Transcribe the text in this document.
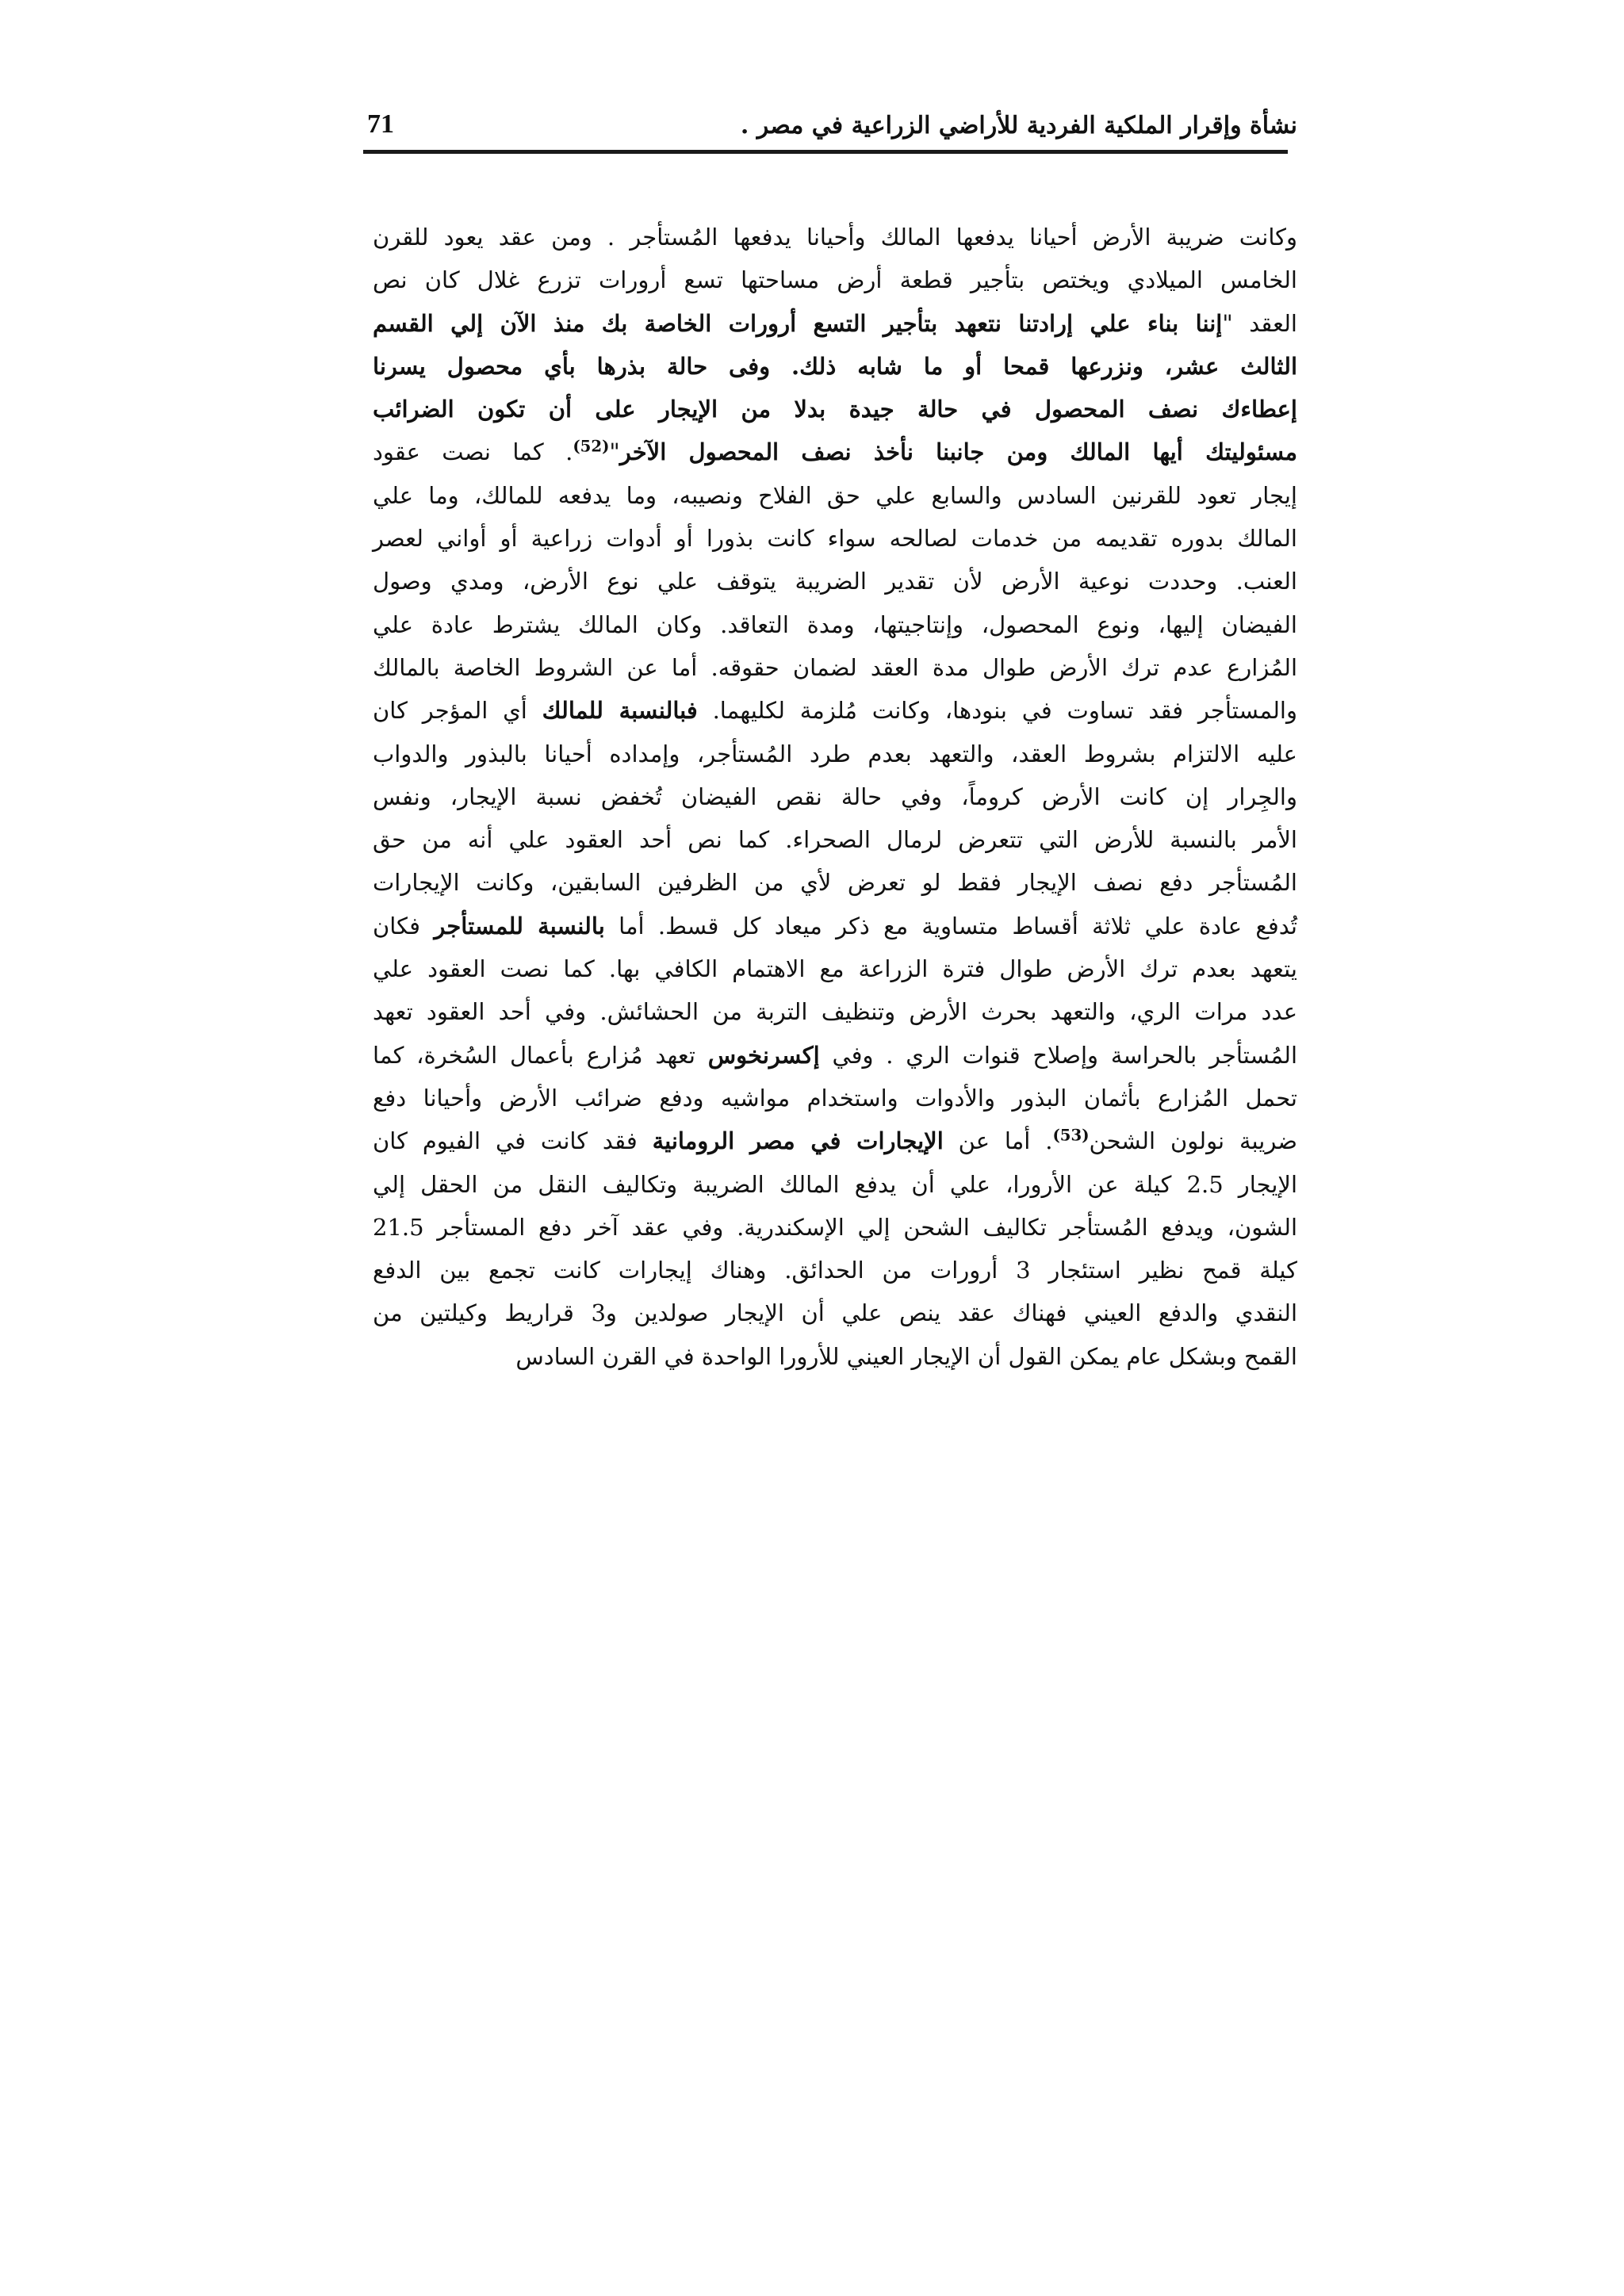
نشأة وإقرار الملكية الفردية للأراضي الزراعية في مصر .
71
وكانت ضريبة الأرض أحيانا يدفعها المالك وأحيانا يدفعها المُستأجر . ومن عقد يعود للقرن
الخامس الميلادي ويختص بتأجير قطعة أرض مساحتها تسع أرورات تزرع غلال كان نص
العقد "إننا بناء علي إرادتنا نتعهد بتأجير التسع أرورات الخاصة بك منذ الآن إلي القسم
الثالث عشر، ونزرعها قمحا أو ما شابه ذلك. وفى حالة بذرها بأي محصول يسرنا
إعطاءك نصف المحصول في حالة جيدة بدلا من الإيجار على أن تكون الضرائب
مسئوليتك أيها المالك ومن جانبنا نأخذ نصف المحصول الآخر"$^{(52)}$. كما نصت عقود
إيجار تعود للقرنين السادس والسابع علي حق الفلاح ونصيبه، وما يدفعه للمالك، وما علي
المالك بدوره تقديمه من خدمات لصالحه سواء كانت بذورا أو أدوات زراعية أو أواني لعصر
العنب. وحددت نوعية الأرض لأن تقدير الضريبة يتوقف علي نوع الأرض، ومدي وصول
الفيضان إليها، ونوع المحصول، وإنتاجيتها، ومدة التعاقد. وكان المالك يشترط عادة علي
المُزارع عدم ترك الأرض طوال مدة العقد لضمان حقوقه. أما عن الشروط الخاصة بالمالك
والمستأجر فقد تساوت في بنودها، وكانت مُلزمة لكليهما. فبالنسبة للمالك أي المؤجر كان
عليه الالتزام بشروط العقد، والتعهد بعدم طرد المُستأجر، وإمداده أحيانا بالبذور والدواب
والجِرار إن كانت الأرض كروماً، وفي حالة نقص الفيضان تُخفض نسبة الإيجار، ونفس
الأمر بالنسبة للأرض التي تتعرض لرمال الصحراء. كما نص أحد العقود علي أنه من حق
المُستأجر دفع نصف الإيجار فقط لو تعرض لأي من الظرفين السابقين، وكانت الإيجارات
تُدفع عادة علي ثلاثة أقساط متساوية مع ذكر ميعاد كل قسط. أما بالنسبة للمستأجر فكان
يتعهد بعدم ترك الأرض طوال فترة الزراعة مع الاهتمام الكافي بها. كما نصت العقود علي
عدد مرات الري، والتعهد بحرث الأرض وتنظيف التربة من الحشائش. وفي أحد العقود تعهد
المُستأجر بالحراسة وإصلاح قنوات الري . وفي إكسرنخوس تعهد مُزارع بأعمال السُخرة، كما
تحمل المُزارع بأثمان البذور والأدوات واستخدام مواشيه ودفع ضرائب الأرض وأحيانا دفع
ضريبة نولون الشحن$^{(53)}$. أما عن الإيجارات في مصر الرومانية فقد كانت في الفيوم كان
الإيجار 2.5 كيلة عن الأرورا، علي أن يدفع المالك الضريبة وتكاليف النقل من الحقل إلي
الشون، ويدفع المُستأجر تكاليف الشحن إلي الإسكندرية. وفي عقد آخر دفع المستأجر 21.5
كيلة قمح نظير استئجار 3 أرورات من الحدائق. وهناك إيجارات كانت تجمع بين الدفع
النقدي والدفع العيني فهناك عقد ينص علي أن الإيجار صولدين و3 قراريط وكيلتين من
القمح وبشكل عام يمكن القول أن الإيجار العيني للأرورا الواحدة في القرن السادس
